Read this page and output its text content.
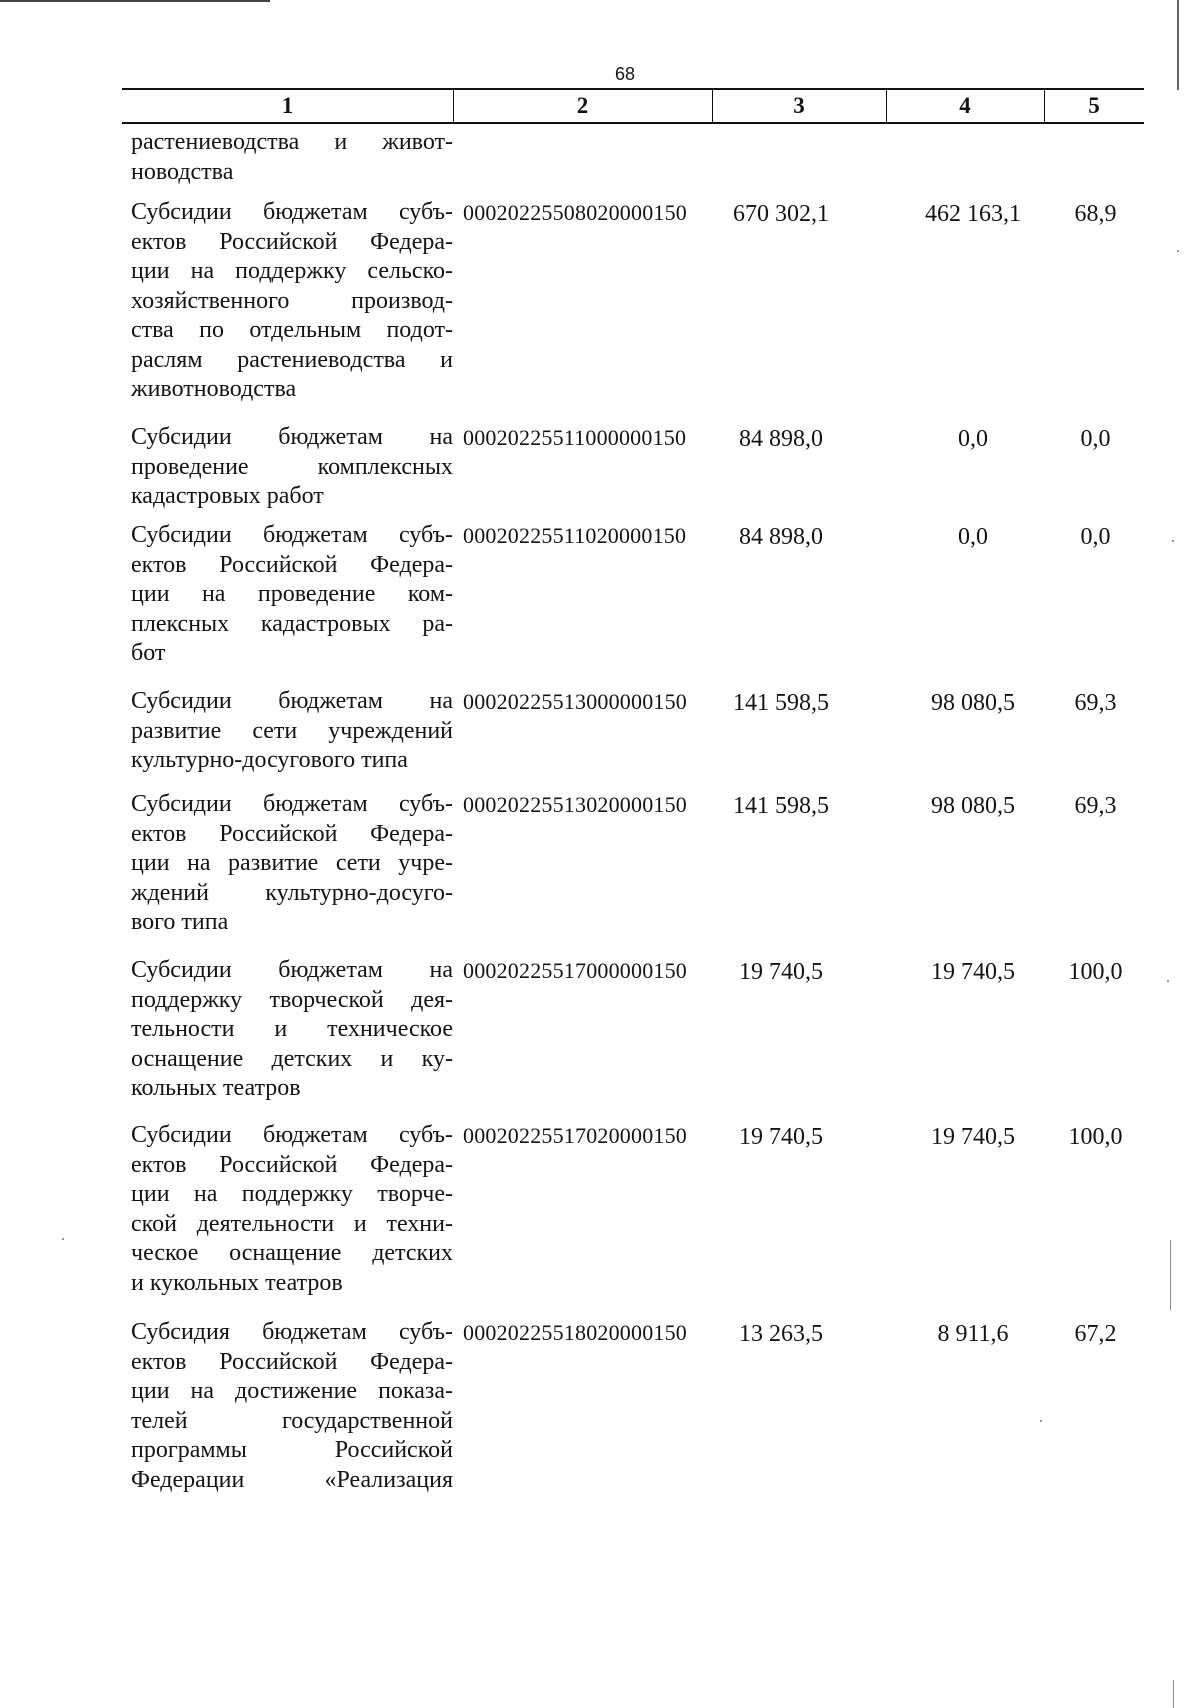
68
1	2	3	4	5
растениеводства и живот-
новодства
Субсидии бюджетам субъ-
ектов Российской Федера-
ции на поддержку сельско-
хозяйственного производ-
ства по отдельным подот-
раслям растениеводства и
животноводства
00020225508020000150	670 302,1	462 163,1	68,9
Субсидии бюджетам на
проведение комплексных
кадастровых работ
00020225511000000150	84 898,0	0,0	0,0
Субсидии бюджетам субъ-
ектов Российской Федера-
ции на проведение ком-
плексных кадастровых ра-
бот
00020225511020000150	84 898,0	0,0	0,0
Субсидии бюджетам на
развитие сети учреждений
культурно-досугового типа
00020225513000000150	141 598,5	98 080,5	69,3
Субсидии бюджетам субъ-
ектов Российской Федера-
ции на развитие сети учре-
ждений культурно-досуго-
вого типа
00020225513020000150	141 598,5	98 080,5	69,3
Субсидии бюджетам на
поддержку творческой дея-
тельности и техническое
оснащение детских и ку-
кольных театров
00020225517000000150	19 740,5	19 740,5	100,0
Субсидии бюджетам субъ-
ектов Российской Федера-
ции на поддержку творче-
ской деятельности и техни-
ческое оснащение детских
и кукольных театров
00020225517020000150	19 740,5	19 740,5	100,0
Субсидия бюджетам субъ-
ектов Российской Федера-
ции на достижение показа-
телей государственной
программы Российской
Федерации «Реализация
00020225518020000150	13 263,5	8 911,6	67,2
